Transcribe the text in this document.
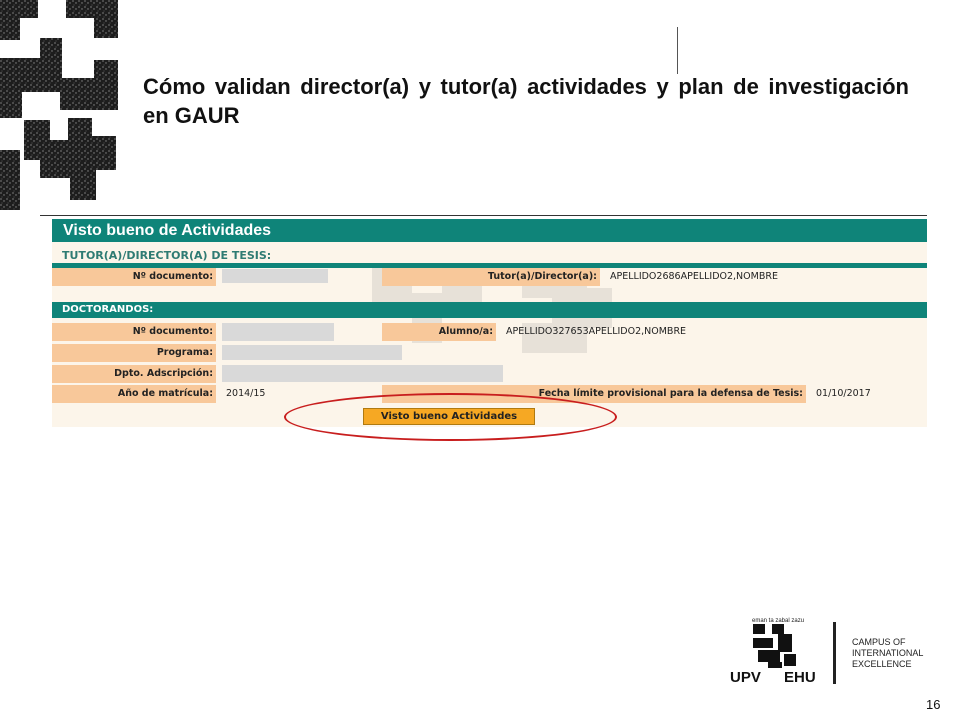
Cómo validan director(a) y tutor(a) actividades y plan de investigación en GAUR
Visto bueno de Actividades
TUTOR(A)/DIRECTOR(A) DE TESIS:
Nº documento:	Tutor(a)/Director(a):	APELLIDO2686APELLIDO2,NOMBRE
DOCTORANDOS:
Nº documento:	Alumno/a:	APELLIDO327653APELLIDO2,NOMBRE
Programa:
Dpto. Adscripción:
Año de matrícula:	2014/15	Fecha límite provisional para la defensa de Tesis:	01/10/2017
Visto bueno Actividades
eman ta zabal zazu
UPV EHU
CAMPUS OF
INTERNATIONAL
EXCELLENCE
16
